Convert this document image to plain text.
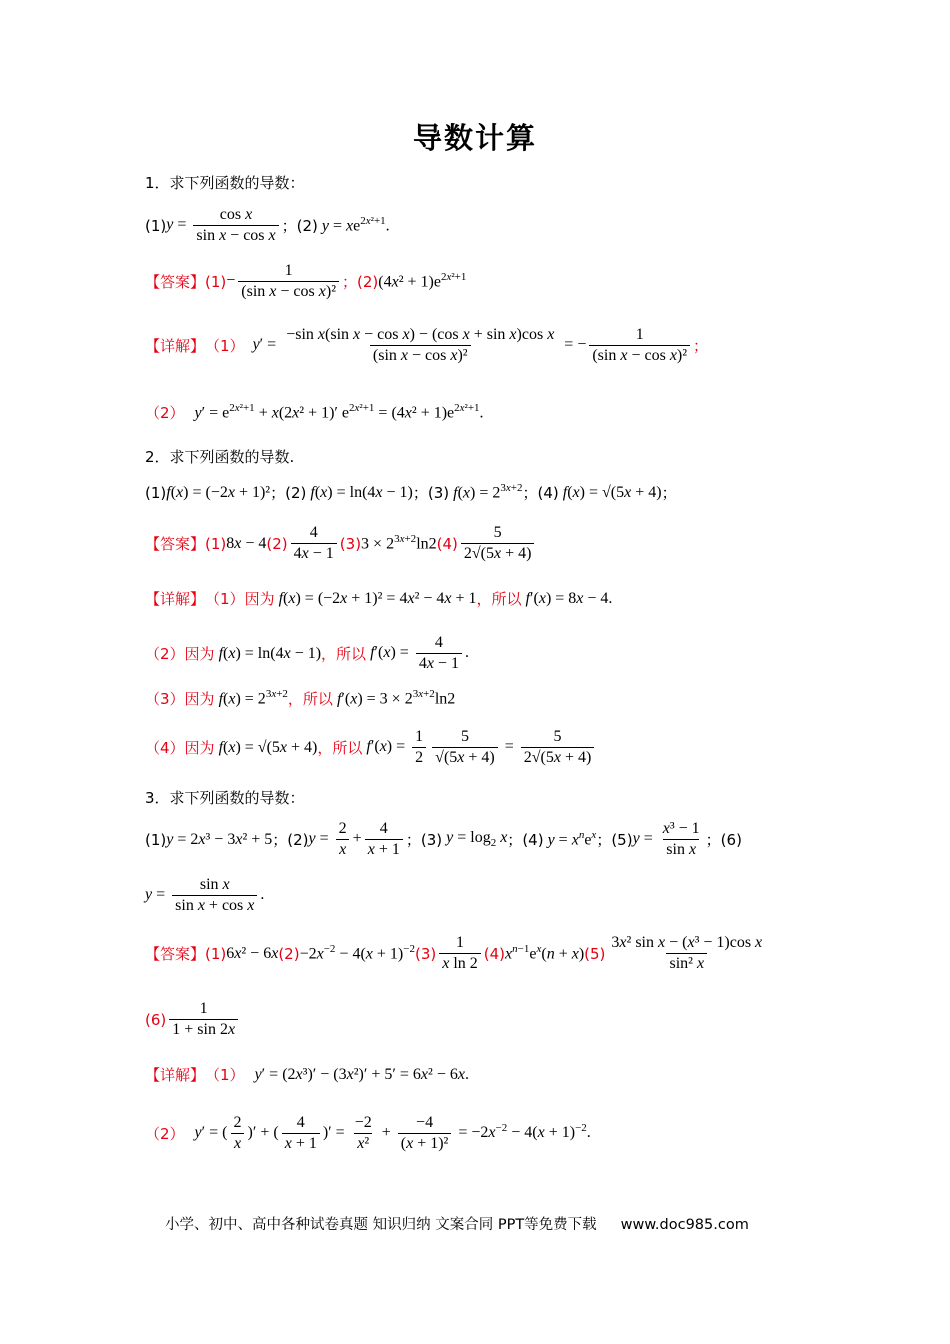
导数计算
1．求下列函数的导数：
(1) $y = \frac{\text{cos x}}{\text{sin x − cos x}}$ ； (2) $y = xe^{2x^2+1}$.
【答案】 $(1) - \frac{1}{\text{(sin x − cos x)²}}$ ； (2) $(4x^2 + 1)e^{2x^2+1}$
【详解】 （1） $y' = \frac{\text{−sin x(sin x − cos x) − (cos x + sin x)cos x}}{\text{(sin x − cos x)²}}$ = − $\frac{1}{\text{(sin x − cos x)²}}$ ；
（2） $y' = e^{2x^2+1} + x(2x^2 + 1)'$ $e^{2x^2+1} = (4x^2 + 1)e^{2x^2+1}$.
2．求下列函数的导数.
(1) f(x) = (−2x + 1)² ； (2) f(x) = ln(4x − 1) ； (3) $f(x) = 2^{3x+2}$ ； (4) f(x) = √(5x + 4) ；
【答案】 (1) 8x − 4 $(2) \frac{4}{4x - 1} (3) 3 \times 2^{3x+2}\ln 2$ $(4) \frac{5}{2√(5x + 4)}$
【详解】 （1） 因为 f(x) = (−2x + 1)² = 4x² − 4x + 1 ，所以 f′(x) = 8x − 4.
（2） 因为 f(x) = ln(4x − 1) ，所以 $f'(x) = \frac{4}{4x - 1}$ .
（3） 因为 $f(x) = 2^{3x+2}$ ，所以 $f'(x) = 3 \times 2^{3x+2}\ln 2$
（4） 因为 f(x) = √(5x + 4) ，所以 $f'(x) = \frac{1}{2} \frac{5}{√(5x + 4)} = \frac{5}{2√(5x + 4)}$
3．求下列函数的导数：
(1) y = 2x³ − 3x² + 5 ； (2) $y = \frac{2}{x} + \frac{4}{x + 1}$ ； (3) $y = \log_2 x$ ； (4) $y = x^ne^x$ ； (5) $y = \frac{\text{x³ − 1}}{\text{sin x}}$ ； (6)
$y = \frac{\text{sin x}}{\text{sin x + cos x}}$ .
【答案】 (1) 6x² − 6x $(2) -2x^{-2} - 4(x + 1)^{-2}$ $(3) \frac{1}{\text{x ln 2}} (4) x^{n-1}e^x(n + x)$ $(5) \frac{\text{3x² sin x − (x³ − 1)cos x}}{\text{sin² x}}$
$(6) \frac{1}{1 + \sin 2x}$
【详解】 （1） y′ = (2x³)′ − (3x²)′ + 5′ = 6x² − 6x.
（2） y′ = ( $\frac{2}{x}$ )′ + ( $\frac{4}{x + 1}$ )′ = $\frac{-2}{\text{x²}} + \frac{-4}{\text{(x + 1)²}} = -2x^{-2} - 4(x + 1)^{-2}$.
小学、初中、高中各种试卷真题 知识归纳 文案合同 PPT等免费下载 www.doc985.com
